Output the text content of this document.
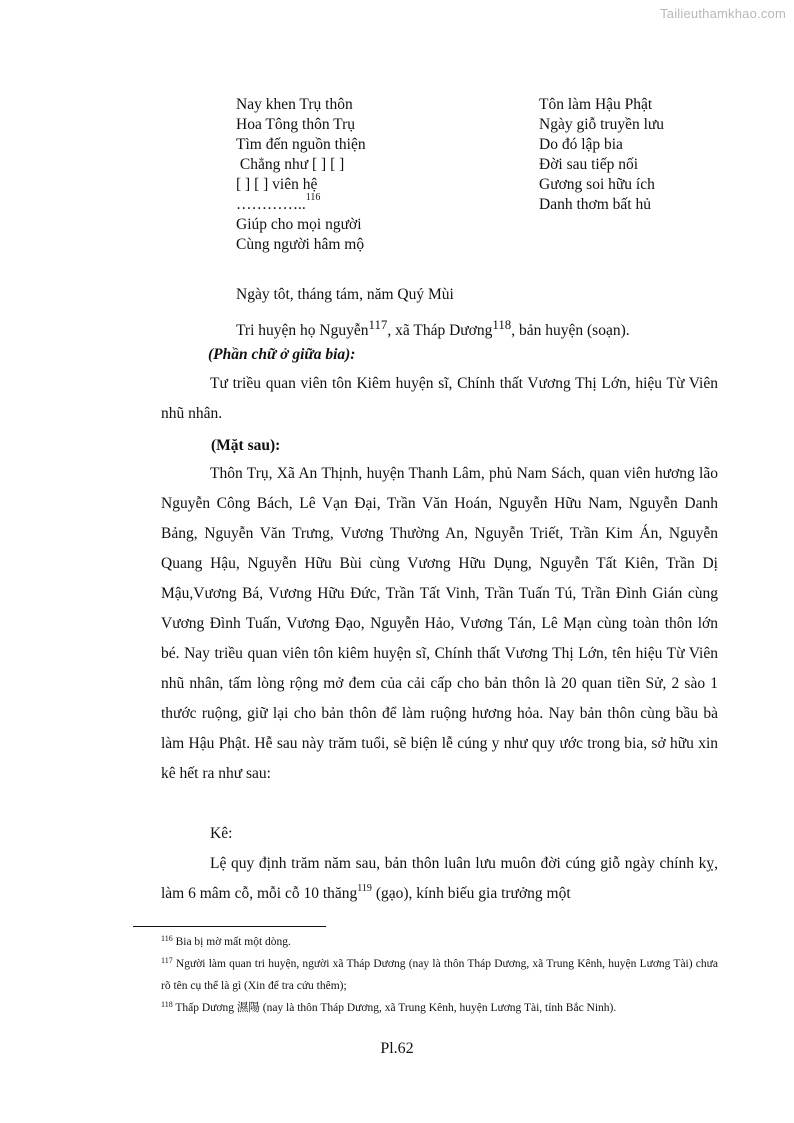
Tailieuthamkhao.com
Nay khen Trụ thôn
Hoa Tông thôn Trụ
Tìm đến nguồn thiện
Chẳng như [ ] [ ]
[ ] [ ] viên hệ
…………..$^{116}$
Giúp cho mọi người
Cùng người hâm mộ
Tôn làm Hậu Phật
Ngày giỗ truyền lưu
Do đó lập bia
Đời sau tiếp nối
Gương soi hữu ích
Danh thơm bất hủ
Ngày tôt, tháng tám, năm Quý Mùi
Tri huyện họ Nguyễn$^{117}$, xã Tháp Dương$^{118}$, bản huyện (soạn).
(Phần chữ ở giữa bia):
Tư triều quan viên tôn Kiêm huyện sĩ, Chính thất Vương Thị Lớn, hiệu Từ Viên nhũ nhân.
(Mặt sau):
Thôn Trụ, Xã An Thịnh, huyện Thanh Lâm, phủ Nam Sách, quan viên hương lão Nguyễn Công Bách, Lê Vạn Đại, Trần Văn Hoán, Nguyễn Hữu Nam, Nguyễn Danh Bảng, Nguyễn Văn Trưng, Vương Thường An, Nguyễn Triết, Trần Kim Án, Nguyễn Quang Hậu, Nguyễn Hữu Bùi cùng Vương Hữu Dụng, Nguyễn Tất Kiên, Trần Dị Mậu,Vương Bá, Vương Hữu Đức, Trần Tất Vinh, Trần Tuấn Tú, Trần Đình Gián cùng Vương Đình Tuấn, Vương Đạo, Nguyễn Hảo, Vương Tán, Lê Mạn cùng toàn thôn lớn bé. Nay triều quan viên tôn kiêm huyện sĩ, Chính thất Vương Thị Lớn, tên hiệu Từ Viên nhũ nhân, tấm lòng rộng mở đem của cải cấp cho bản thôn là 20 quan tiền Sử, 2 sào 1 thước ruộng, giữ lại cho bản thôn để làm ruộng hương hỏa. Nay bản thôn cùng bầu bà làm Hậu Phật. Hễ sau này trăm tuổi, sẽ biện lễ cúng y như quy ước trong bia, sở hữu xin kê hết ra như sau:
Kê:
Lệ quy định trăm năm sau, bản thôn luân lưu muôn đời cúng giỗ ngày chính kỵ, làm 6 mâm cỗ, mỗi cỗ 10 thăng$^{119}$ (gạo), kính biếu gia trưởng một

$^{116}$ Bia bị mờ mất một dòng.

$^{117}$ Người làm quan tri huyện, người xã Tháp Dương (nay là thôn Tháp Dương, xã Trung Kênh, huyện Lương Tài) chưa rõ tên cụ thể là gì (Xin để tra cứu thêm);

$^{118}$ Thấp Dương 濕陽 (nay là thôn Tháp Dương, xã Trung Kênh, huyện Lương Tài, tỉnh Bắc Ninh).

Pl.62
